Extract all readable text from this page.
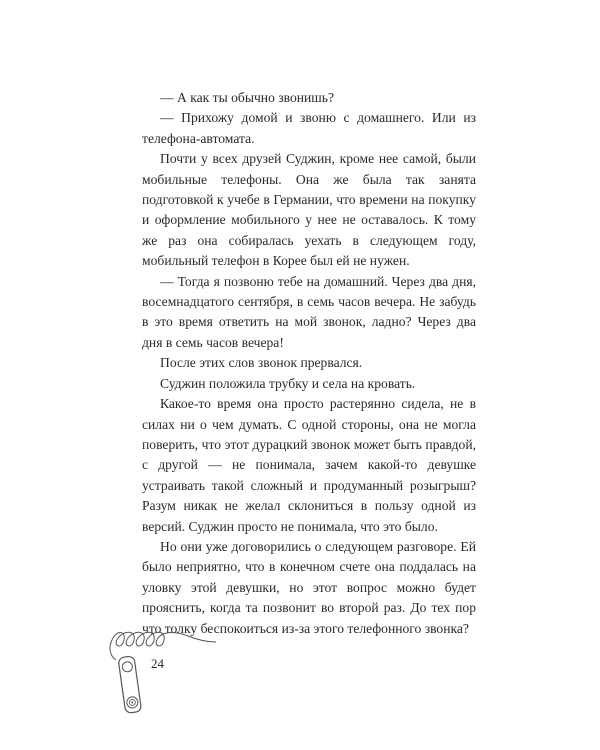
— А как ты обычно звонишь?

— Прихожу домой и звоню с домашнего. Или из телефона-автомата.

Почти у всех друзей Суджин, кроме нее самой, были мобильные телефоны. Она же была так занята подготовкой к учебе в Германии, что времени на покупку и оформление мобильного у нее не оставалось. К тому же раз она собиралась уехать в следующем году, мобильный телефон в Корее был ей не нужен.

— Тогда я позвоню тебе на домашний. Через два дня, восемнадцатого сентября, в семь часов вечера. Не забудь в это время ответить на мой звонок, ладно? Через два дня в семь часов вечера!

После этих слов звонок прервался.

Суджин положила трубку и села на кровать.

Какое-то время она просто растерянно сидела, не в силах ни о чем думать. С одной стороны, она не могла поверить, что этот дурацкий звонок может быть правдой, с другой — не понимала, зачем какой-то девушке устраивать такой сложный и продуманный розыгрыш? Разум никак не желал склониться в пользу одной из версий. Суджин просто не понимала, что это было.

Но они уже договорились о следующем разговоре. Ей было неприятно, что в конечном счете она поддалась на уловку этой девушки, но этот вопрос можно будет прояснить, когда та позвонит во второй раз. До тех пор что толку беспокоиться из-за этого телефонного звонка?

24
